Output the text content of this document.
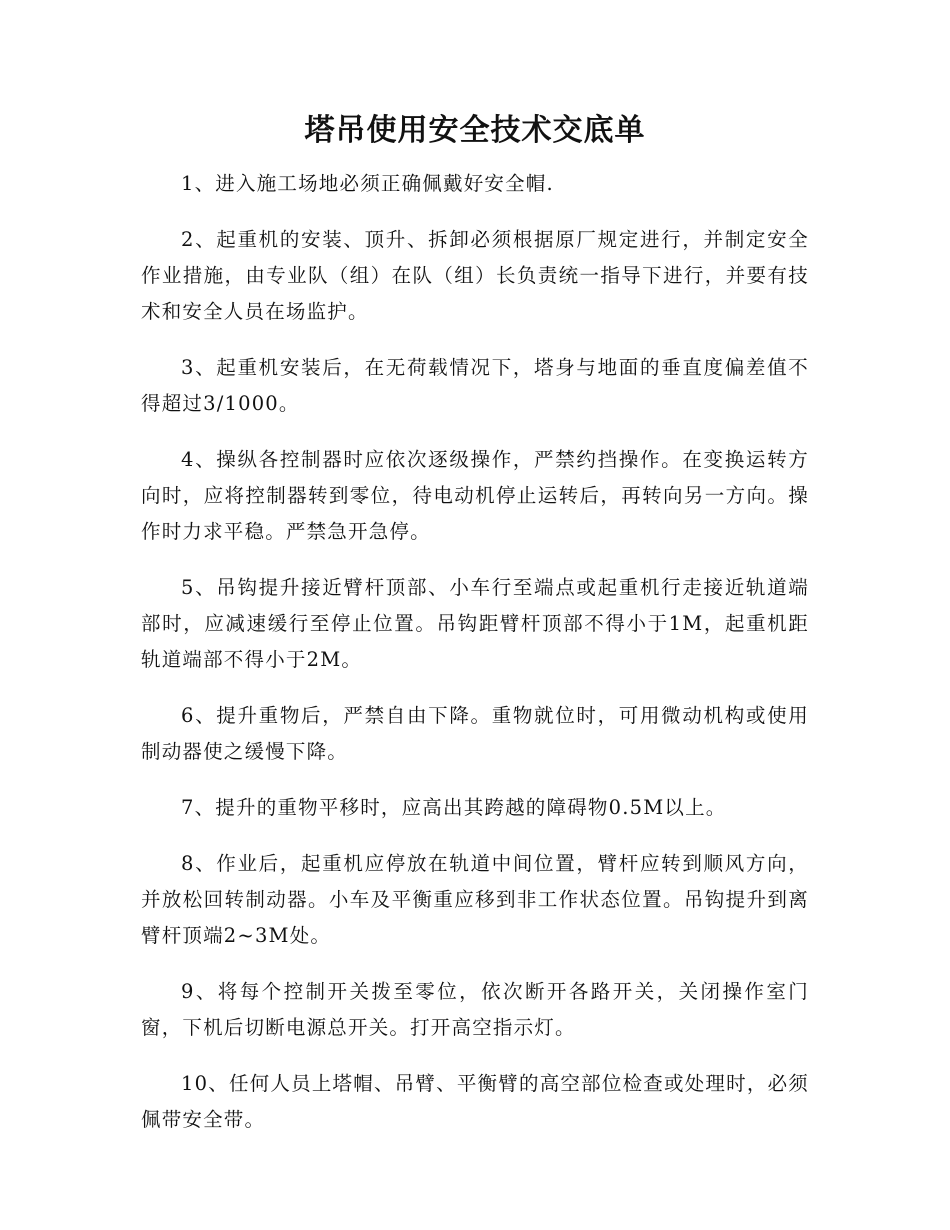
塔吊使用安全技术交底单

1、进入施工场地必须正确佩戴好安全帽.

2、起重机的安装、顶升、拆卸必须根据原厂规定进行，并制定安全作业措施，由专业队（组）在队（组）长负责统一指导下进行，并要有技术和安全人员在场监护。

3、起重机安装后，在无荷载情况下，塔身与地面的垂直度偏差值不得超过3/1000。

4、操纵各控制器时应依次逐级操作，严禁约挡操作。在变换运转方向时，应将控制器转到零位，待电动机停止运转后，再转向另一方向。操作时力求平稳。严禁急开急停。

5、吊钩提升接近臂杆顶部、小车行至端点或起重机行走接近轨道端部时，应减速缓行至停止位置。吊钩距臂杆顶部不得小于1M，起重机距轨道端部不得小于2M。

6、提升重物后，严禁自由下降。重物就位时，可用微动机构或使用制动器使之缓慢下降。

7、提升的重物平移时，应高出其跨越的障碍物0.5M以上。

8、作业后，起重机应停放在轨道中间位置，臂杆应转到顺风方向，并放松回转制动器。小车及平衡重应移到非工作状态位置。吊钩提升到离臂杆顶端2~3M处。

9、将每个控制开关拨至零位，依次断开各路开关，关闭操作室门窗，下机后切断电源总开关。打开高空指示灯。

10、任何人员上塔帽、吊臂、平衡臂的高空部位检查或处理时，必须佩带安全带。
